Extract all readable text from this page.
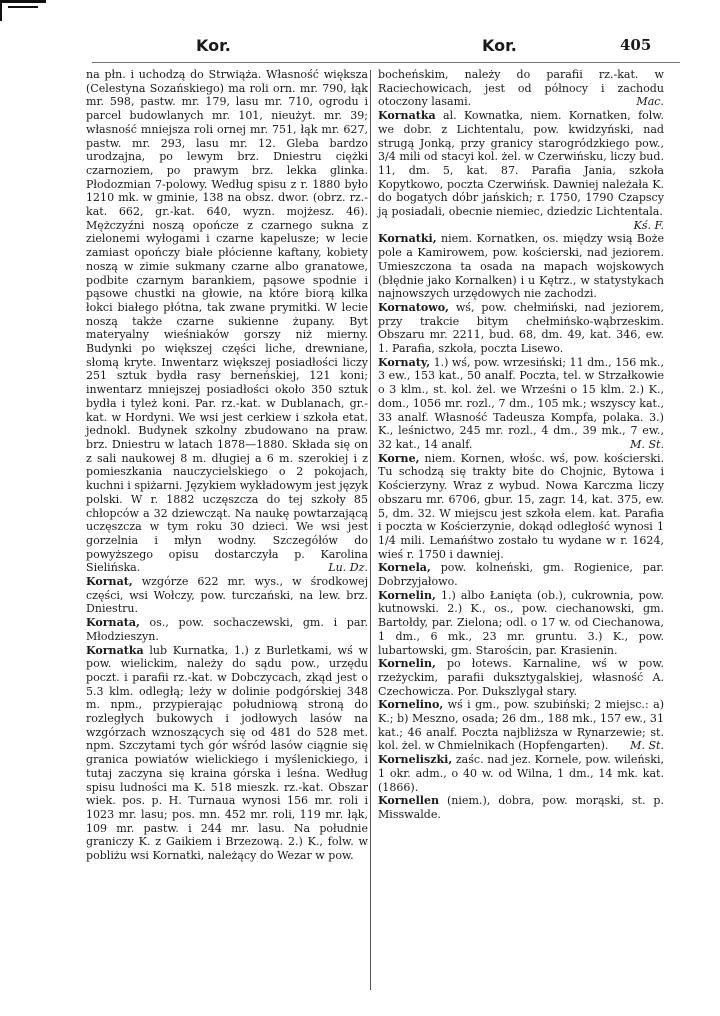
Kor.	Kor.	405

na płn. i uchodzą do Strwiąża. Własność większa (Celestyna Sozańskiego) ma roli orn. mr. 790, łąk mr. 598, pastw. mr. 179, lasu mr. 710, ogrodu i parcel budowlanych mr. 101, nieużyt. mr. 39; własność mniejsza roli ornej mr. 751, łąk mr. 627, pastw. mr. 293, lasu mr. 12. Gleba bardzo urodzajna, po lewym brz. Dniestru ciężki czarnoziem, po prawym brz. lekka glinka. Płodozmian 7-polowy. Według spisu z r. 1880 było 1210 mk. w gminie, 138 na obsz. dwor. (obrz. rz.-kat. 662, gr.-kat. 640, wyzn. mojżesz. 46). Mężczyźni noszą opończe z czarnego sukna z zielonemi wyłogami i czarne kapelusze; w lecie zamiast opończy białe płócienne kaftany, kobiety noszą w zimie sukmany czarne albo granatowe, podbite czarnym barankiem, pąsowe spodnie i pąsowe chustki na głowie, na które biorą kilka łokci białego płótna, tak zwane prymitki. W lecie noszą także czarne sukienne żupany. Byt materyalny wieśniaków gorszy niż mierny. Budynki po większej części liche, drewniane, słomą kryte. Inwentarz większej posiadłości liczy 251 sztuk bydła rasy berneńskiej, 121 koni; inwentarz mniejszej posiadłości około 350 sztuk bydła i tyleż koni. Par. rz.-kat. w Dublanach, gr.-kat. w Hordyni. We wsi jest cerkiew i szkoła etat. jednokl. Budynek szkolny zbudowano na praw. brz. Dniestru w latach 1878—1880. Składa się on z sali naukowej 8 m. długiej a 6 m. szerokiej i z pomieszkania nauczycielskiego o 2 pokojach, kuchni i spiżarni. Językiem wykładowym jest język polski. W r. 1882 uczęszcza do tej szkoły 85 chłopców a 32 dziewcząt. Na naukę powtarzającą uczęszcza w tym roku 30 dzieci. We wsi jest gorzelnia i młyn wodny. Szczegółów do powyższego opisu dostarczyła p. Karolina Sielińska.	Lu. Dz.

Kornat, wzgórze 622 mr. wys., w środkowej części, wsi Wołczy, pow. turczański, na lew. brz. Dniestru.

Kornata, os., pow. sochaczewski, gm. i par. Młodzieszyn.

Kornatka lub Kurnatka, 1.) z Burletkami, wś w pow. wielickim, należy do sądu pow., urzędu poczt. i parafii rz.-kat. w Dobczycach, zkąd jest o 5.3 klm. odległą; leży w dolinie podgórskiej 348 m. npm., przypierając południową stroną do rozległych bukowych i jodłowych lasów na wzgórzach wznoszących się od 481 do 528 met. npm. Szczytami tych gór wśród lasów ciągnie się granica powiatów wielickiego i myślenickiego, i tutaj zaczyna się kraina górska i leśna. Według spisu ludności ma K. 518 mieszk. rz.-kat. Obszar wiek. pos. p. H. Turnaua wynosi 156 mr. roli i 1023 mr. lasu; pos. mn. 452 mr. roli, 119 mr. łąk, 109 mr. pastw. i 244 mr. lasu. Na południe graniczy K. z Gaikiem i Brzezową. 2.) K., folw. w pobliżu wsi Kornatki, należący do Wezar w pow.

bocheńskim, należy do parafii rz.-kat. w Raciechowicach, jest od północy i zachodu otoczony lasami.	Mac.

Kornatka al. Kownatka, niem. Kornatken, folw. we dobr. z Lichtentalu, pow. kwidzyński, nad strugą Jonką, przy granicy starogródzkiego pow., 3/4 mili od stacyi kol. żel. w Czerwińsku, liczy bud. 11, dm. 5, kat. 87. Parafia Jania, szkoła Kopytkowo, poczta Czerwińsk. Dawniej należała K. do bogatych dóbr jańskich; r. 1750, 1790 Czapscy ją posiadali, obecnie niemiec, dziedzic Lichtentala.
Kś. F.

Kornatki, niem. Kornatken, os. między wsią Boże pole a Kamirowem, pow. kościerski, nad jeziorem. Umieszczona ta osada na mapach wojskowych (błędnie jako Kornalken) i u Kętrz., w statystykach najnowszych urzędowych nie zachodzi.

Kornatowo, wś, pow. chełmiński, nad jeziorem, przy trakcie bitym chełmińsko-wąbrzeskim. Obszaru mr. 2211, bud. 68, dm. 49, kat. 346, ew. 1. Parafia, szkoła, poczta Lisewo.

Kornaty, 1.) wś, pow. wrzesiński; 11 dm., 156 mk., 3 ew., 153 kat., 50 analf. Poczta, tel. w Strzałkowie o 3 klm., st. kol. żel. we Wrześni o 15 klm. 2.) K., dom., 1056 mr. rozl., 7 dm., 105 mk.; wszyscy kat., 33 analf. Własność Tadeusza Kompfa, polaka. 3.) K., leśnictwo, 245 mr. rozl., 4 dm., 39 mk., 7 ew., 32 kat., 14 analf.	M. St.

Korne, niem. Kornen, włośc. wś, pow. kościerski. Tu schodzą się trakty bite do Chojnic, Bytowa i Kościerzyny. Wraz z wybud. Nowa Karczma liczy obszaru mr. 6706, gbur. 15, zagr. 14, kat. 375, ew. 5, dm. 32. W miejscu jest szkoła elem. kat. Parafia i poczta w Kościerzynie, dokąd odległość wynosi 1 1/4 mili. Lemańśtwo zostało tu wydane w r. 1624, wieś r. 1750 i dawniej.

Kornela, pow. kolneński, gm. Rogienice, par. Dobrzyjałowo.

Kornelin, 1.) albo Łanięta (ob.), cukrownia, pow. kutnowski. 2.) K., os., pow. ciechanowski, gm. Bartołdy, par. Zielona; odl. o 17 w. od Ciechanowa, 1 dm., 6 mk., 23 mr. gruntu. 3.) K., pow. lubartowski, gm. Starościn, par. Krasienin.

Kornelin, po łotews. Karnaline, wś w pow. rzeżyckim, parafii duksztygalskiej, własność A. Czechowicza. Por. Dukszlygał stary.

Kornelino, wś i gm., pow. szubiński; 2 miejsc.: a) K.; b) Meszno, osada; 26 dm., 188 mk., 157 ew., 31 kat.; 46 analf. Poczta najbliższa w Rynarzewie; st. kol. żel. w Chmielnikach (Hopfengarten). M. St.

Korneliszki, zaśc. nad jez. Kornele, pow. wileński, 1 okr. adm., o 40 w. od Wilna, 1 dm., 14 mk. kat. (1866).

Kornellen (niem.), dobra, pow. morąski, st. p. Misswalde.
